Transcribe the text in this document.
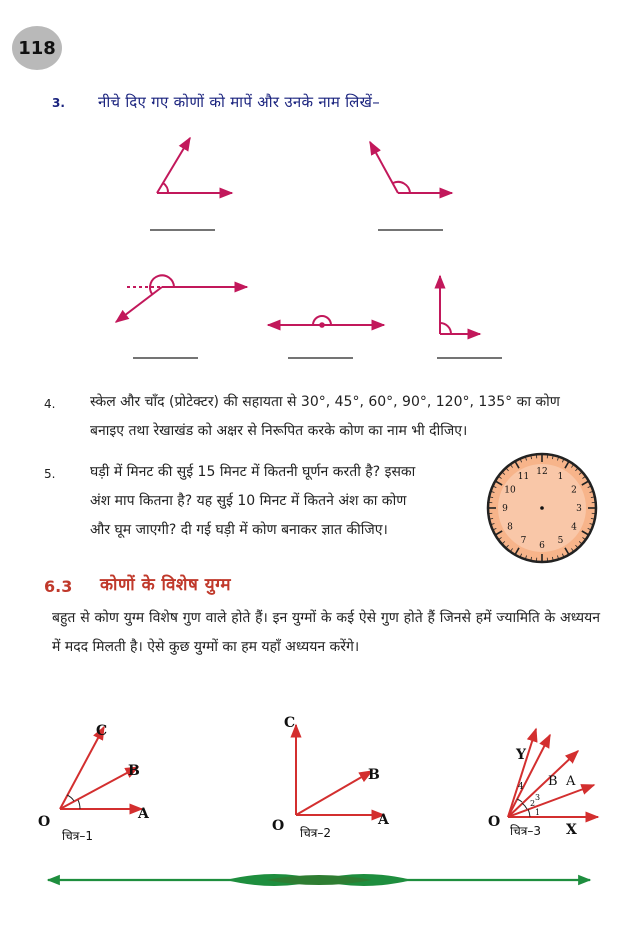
118
3. नीचे दिए गए कोणों को मापें और उनके नाम लिखें–
4. स्केल और चाँद (प्रोटेक्टर) की सहायता से 30°, 45°, 60°, 90°, 120°, 135° का कोण
बनाइए तथा रेखाखंड को अक्षर से निरूपित करके कोण का नाम भी दीजिए।
5. घड़ी में मिनट की सुई 15 मिनट में कितनी घूर्णन करती है? इसका
अंश माप कितना है? यह सुई 10 मिनट में कितने अंश का कोण
और घूम जाएगी? दी गई घड़ी में कोण बनाकर ज्ञात कीजिए।
12 1
2
3
4
5
6
7
8
9
10
11
6.3 कोणों के विशेष युग्म
बहुत से कोण युग्म विशेष गुण वाले होते हैं। इन युग्मों के कई ऐसे गुण होते हैं जिनसे हमें ज्यामिति के अध्ययन में मदद मिलती है। ऐसे कुछ युग्मों का हम यहाँ अध्ययन करेंगे।
O	A
B
C
चित्र–1
O	A
B
C
चित्र–2
O	X
A
B
Y
1
2
3
4
चित्र–3
